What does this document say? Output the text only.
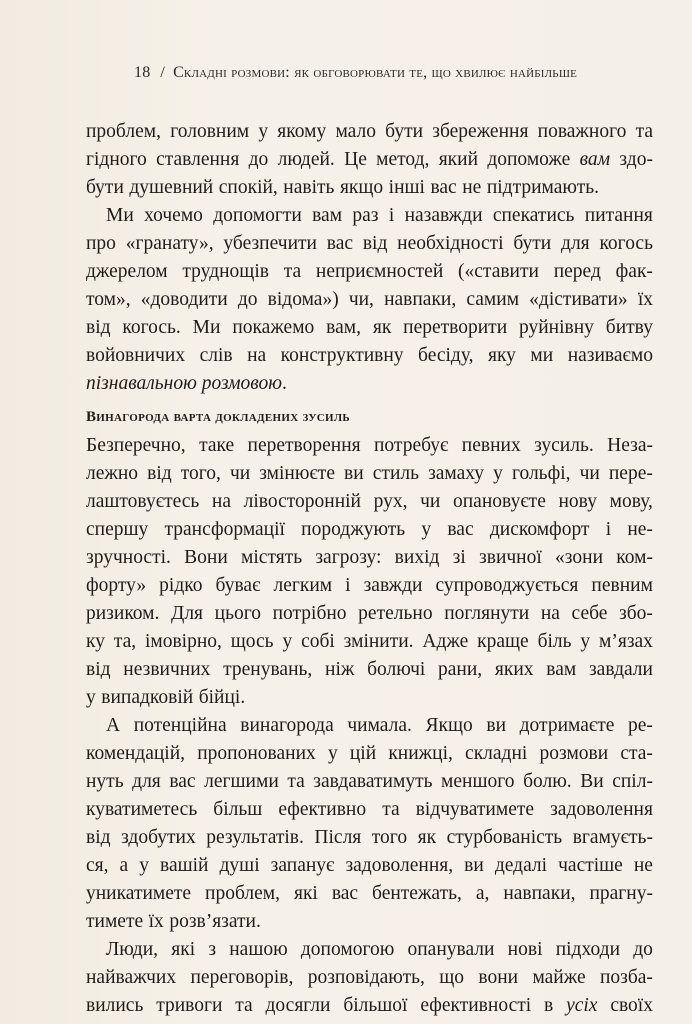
18 / Складні розмови: як обговорювати те, що хвилює найбільше
проблем, головним у якому мало бути збереження поважного та
гідного ставлення до людей. Це метод, який допоможе вам здо-
бути душевний спокій, навіть якщо інші вас не підтримають.
Ми хочемо допомогти вам раз і назавжди спекатись питання
про «гранату», убезпечити вас від необхідності бути для когось
джерелом труднощів та неприємностей («ставити перед фак-
том», «доводити до відома») чи, навпаки, самим «дістивати» їх
від когось. Ми покажемо вам, як перетворити руйнівну битву
войовничих слів на конструктивну бесіду, яку ми називаємо
пізнавальною розмовою .
Винагорода варта докладених зусиль
Безперечно, таке перетворення потребує певних зусиль. Неза-
лежно від того, чи змінюєте ви стиль замаху у гольфі, чи пере-
лаштовуєтесь на лівосторонній рух, чи опановуєте нову мову,
спершу трансформації породжують у вас дискомфорт і не-
зручності. Вони містять загрозу: вихід зі звичної «зони ком-
форту» рідко буває легким і завжди супроводжується певним
ризиком. Для цього потрібно ретельно поглянути на себе збо-
ку та, імовірно, щось у собі змінити. Адже краще біль у м’язах
від незвичних тренувань, ніж болючі рани, яких вам завдали
у випадковій бійці.
А потенційна винагорода чимала. Якщо ви дотримаєте ре-
комендацій, пропонованих у цій книжці, складні розмови ста-
нуть для вас легшими та завдаватимуть меншого болю. Ви спіл-
куватиметесь більш ефективно та відчуватимете задоволення
від здобутих результатів. Після того як стурбованість вгамуєть-
ся, а у вашій душі запанує задоволення, ви дедалі частіше не
уникатимете проблем, які вас бентежать, а, навпаки, прагну-
тимете їх розв’язати.
Люди, які з нашою допомогою опанували нові підходи до
найважчих переговорів, розповідають, що вони майже позба-
вились тривоги та досягли більшої ефективності в усіх своїх
